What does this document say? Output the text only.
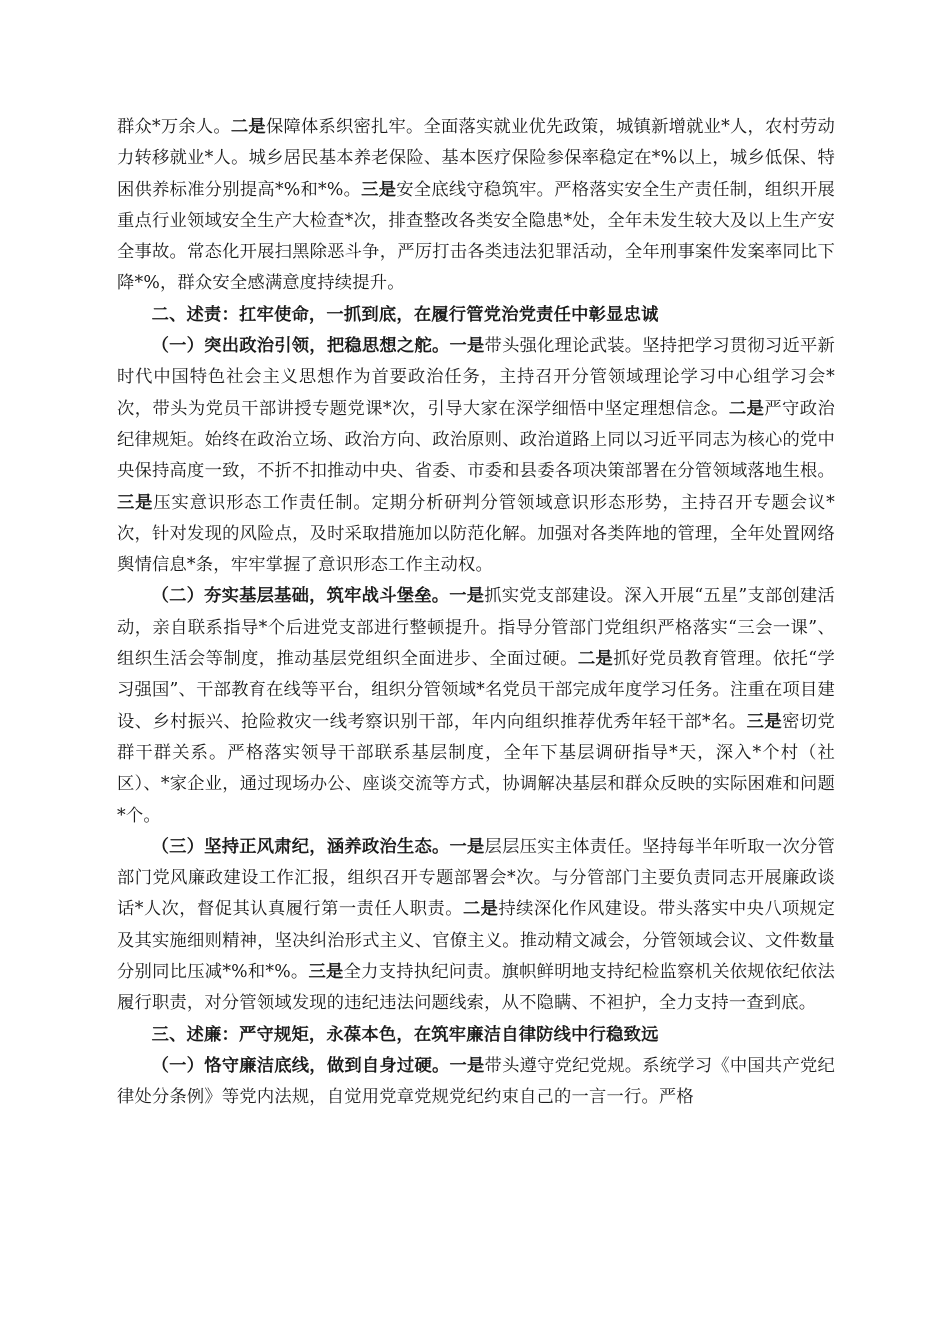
群众*万余人。二是保障体系织密扎牢。全面落实就业优先政策，城镇新增就业*人，农村劳动力转移就业*人。城乡居民基本养老保险、基本医疗保险参保率稳定在*%以上，城乡低保、特困供养标准分别提高*%和*%。三是安全底线守稳筑牢。严格落实安全生产责任制，组织开展重点行业领域安全生产大检查*次，排查整改各类安全隐患*处，全年未发生较大及以上生产安全事故。常态化开展扫黑除恶斗争，严厉打击各类违法犯罪活动，全年刑事案件发案率同比下降*%，群众安全感满意度持续提升。

二、述责：扛牢使命，一抓到底，在履行管党治党责任中彰显忠诚

（一）突出政治引领，把稳思想之舵。一是带头强化理论武装。坚持把学习贯彻习近平新时代中国特色社会主义思想作为首要政治任务，主持召开分管领域理论学习中心组学习会*次，带头为党员干部讲授专题党课*次，引导大家在深学细悟中坚定理想信念。二是严守政治纪律规矩。始终在政治立场、政治方向、政治原则、政治道路上同以习近平同志为核心的党中央保持高度一致，不折不扣推动中央、省委、市委和县委各项决策部署在分管领域落地生根。三是压实意识形态工作责任制。定期分析研判分管领域意识形态形势，主持召开专题会议*次，针对发现的风险点，及时采取措施加以防范化解。加强对各类阵地的管理，全年处置网络舆情信息*条，牢牢掌握了意识形态工作主动权。

（二）夯实基层基础，筑牢战斗堡垒。一是抓实党支部建设。深入开展“五星”支部创建活动，亲自联系指导*个后进党支部进行整顿提升。指导分管部门党组织严格落实“三会一课”、组织生活会等制度，推动基层党组织全面进步、全面过硬。二是抓好党员教育管理。依托“学习强国”、干部教育在线等平台，组织分管领域*名党员干部完成年度学习任务。注重在项目建设、乡村振兴、抢险救灾一线考察识别干部，年内向组织推荐优秀年轻干部*名。三是密切党群干群关系。严格落实领导干部联系基层制度，全年下基层调研指导*天，深入*个村（社区）、*家企业，通过现场办公、座谈交流等方式，协调解决基层和群众反映的实际困难和问题*个。

（三）坚持正风肃纪，涵养政治生态。一是层层压实主体责任。坚持每半年听取一次分管部门党风廉政建设工作汇报，组织召开专题部署会*次。与分管部门主要负责同志开展廉政谈话*人次，督促其认真履行第一责任人职责。二是持续深化作风建设。带头落实中央八项规定及其实施细则精神，坚决纠治形式主义、官僚主义。推动精文减会，分管领域会议、文件数量分别同比压减*%和*%。三是全力支持执纪问责。旗帜鲜明地支持纪检监察机关依规依纪依法履行职责，对分管领域发现的违纪违法问题线索，从不隐瞒、不袒护，全力支持一查到底。

三、述廉：严守规矩，永葆本色，在筑牢廉洁自律防线中行稳致远

（一）恪守廉洁底线，做到自身过硬。一是带头遵守党纪党规。系统学习《中国共产党纪律处分条例》等党内法规，自觉用党章党规党纪约束自己的一言一行。严格
